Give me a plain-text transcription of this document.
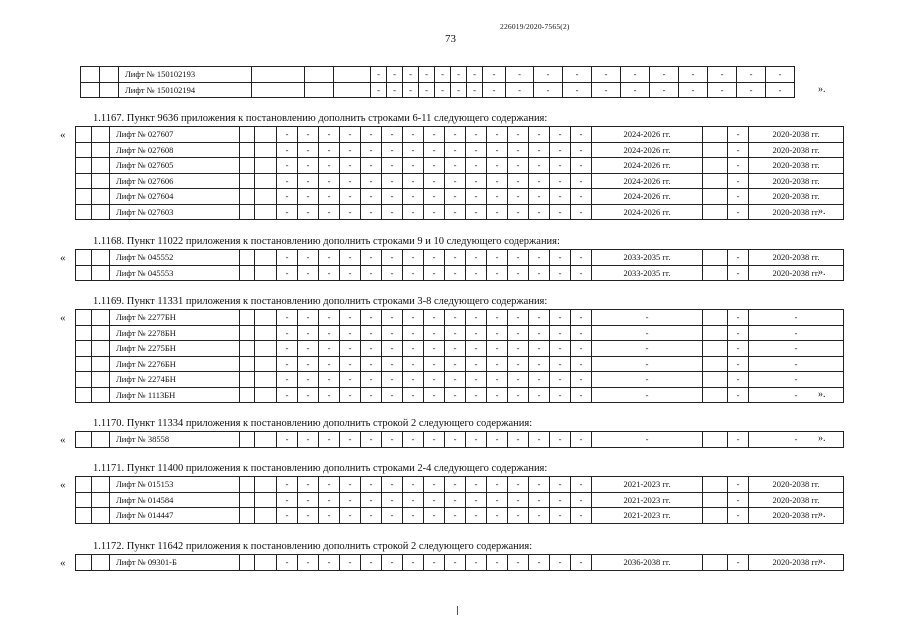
226019/2020-7565(2)
73
		Лифт № 150102193				-	-	-	-	-	-	-	-	-	-	-	-	-	-	-	-	-	-
		Лифт № 150102194				-	-	-	-	-	-	-	-	-	-	-	-	-	-	-	-	-	-	».
1.1167. Пункт 9636 приложения к постановлению дополнить строками 6-11 следующего содержания:
«
			Лифт № 027607			-	-	-	-	-	-	-	-	-	-	-	-	-	-	-	2024-2026 гг.		-	2020-2038 гг.
		Лифт № 027608			-	-	-	-	-	-	-	-	-	-	-	-	-	-	-	2024-2026 гг.		-	2020-2038 гг.
		Лифт № 027605			-	-	-	-	-	-	-	-	-	-	-	-	-	-	-	2024-2026 гг.		-	2020-2038 гг.
		Лифт № 027606			-	-	-	-	-	-	-	-	-	-	-	-	-	-	-	2024-2026 гг.		-	2020-2038 гг.
		Лифт № 027604			-	-	-	-	-	-	-	-	-	-	-	-	-	-	-	2024-2026 гг.		-	2020-2038 гг.
		Лифт № 027603			-	-	-	-	-	-	-	-	-	-	-	-	-	-	-	2024-2026 гг.		-	2020-2038 гг.
».
1.1168. Пункт 11022 приложения к постановлению дополнить строками 9 и 10 следующего содержания:
«
			Лифт № 045552			-	-	-	-	-	-	-	-	-	-	-	-	-	-	-	2033-2035 гг.		-	2020-2038 гг.
		Лифт № 045553			-	-	-	-	-	-	-	-	-	-	-	-	-	-	-	2033-2035 гг.		-	2020-2038 гг.
».
1.1169. Пункт 11331 приложения к постановлению дополнить строками 3-8 следующего содержания:
«
			Лифт № 2277БН			-	-	-	-	-	-	-	-	-	-	-	-	-	-	-	-		-	-
		Лифт № 2278БН			-	-	-	-	-	-	-	-	-	-	-	-	-	-	-	-		-	-
		Лифт № 2275БН			-	-	-	-	-	-	-	-	-	-	-	-	-	-	-	-		-	-
		Лифт № 2276БН			-	-	-	-	-	-	-	-	-	-	-	-	-	-	-	-		-	-
		Лифт № 2274БН			-	-	-	-	-	-	-	-	-	-	-	-	-	-	-	-		-	-
		Лифт № 1113БН			-	-	-	-	-	-	-	-	-	-	-	-	-	-	-	-		-	- ».
1.1170. Пункт 11334 приложения к постановлению дополнить строкой 2 следующего содержания:
«
			Лифт № 38558			-	-	-	-	-	-	-	-	-	-	-	-	-	-	-	-		-	- ».
1.1171. Пункт 11400 приложения к постановлению дополнить строками 2-4 следующего содержания:
«
			Лифт № 015153			-	-	-	-	-	-	-	-	-	-	-	-	-	-	-	2021-2023 гг.		-	2020-2038 гг.
		Лифт № 014584			-	-	-	-	-	-	-	-	-	-	-	-	-	-	-	2021-2023 гг.		-	2020-2038 гг.
		Лифт № 014447			-	-	-	-	-	-	-	-	-	-	-	-	-	-	-	2021-2023 гг.		-	2020-2038 гг.
».
1.1172. Пункт 11642 приложения к постановлению дополнить строкой 2 следующего содержания:
«
			Лифт № 09301-Б			-	-	-	-	-	-	-	-	-	-	-	-	-	-	-	2036-2038 гг.		-	2020-2038 гг.
».
